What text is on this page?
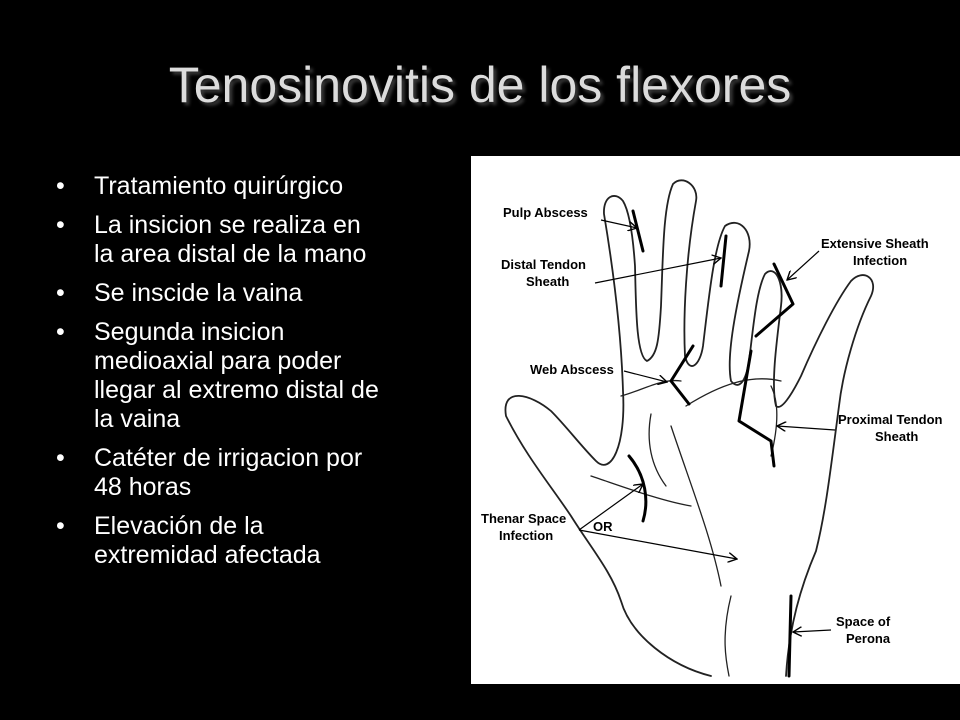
Tenosinovitis de los flexores
• Tratamiento quirúrgico
• La insicion se realiza en
la area distal de la mano
• Se inscide la vaina
• Segunda insicion
medioaxial para poder
llegar al extremo distal de
la vaina
• Catéter de irrigacion por
48 horas
• Elevación de la
extremidad afectada
Pulp Abscess
Distal Tendon
Sheath
Extensive Sheath
Infection
Web Abscess
Proximal Tendon
Sheath
Thenar Space
Infection
OR
Space of
Perona
